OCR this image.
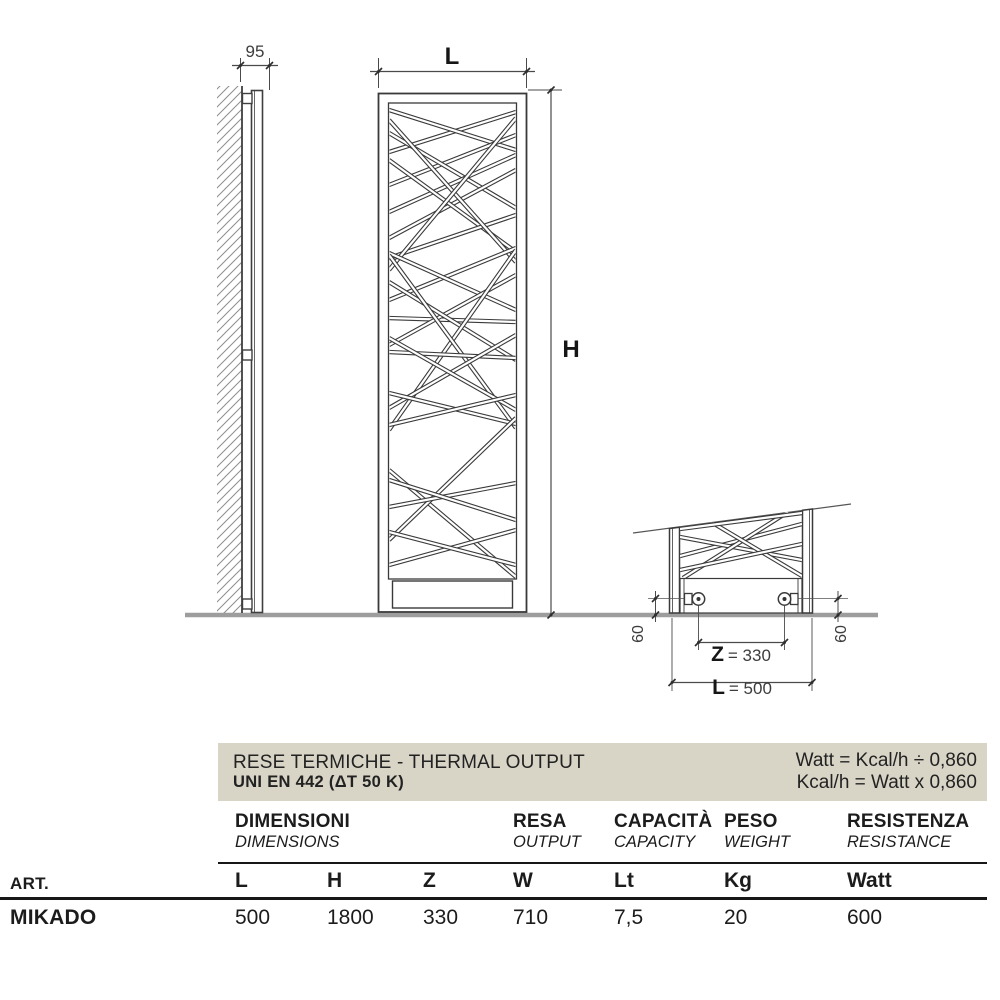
95	L
H
60	60
Z = 330
L = 500
RESE TERMICHE - THERMAL OUTPUT
UNI EN 442 (ΔT 50 K)
Watt = Kcal/h ÷ 0,860
Kcal/h = Watt x 0,860
DIMENSIONI
DIMENSIONS
RESA
OUTPUT
CAPACITÀ
CAPACITY
PESO
WEIGHT
RESISTENZA
RESISTANCE
ART.	L	H	Z	W	Lt	Kg	Watt
MIKADO	500	1800	330	710	7,5	20	600
